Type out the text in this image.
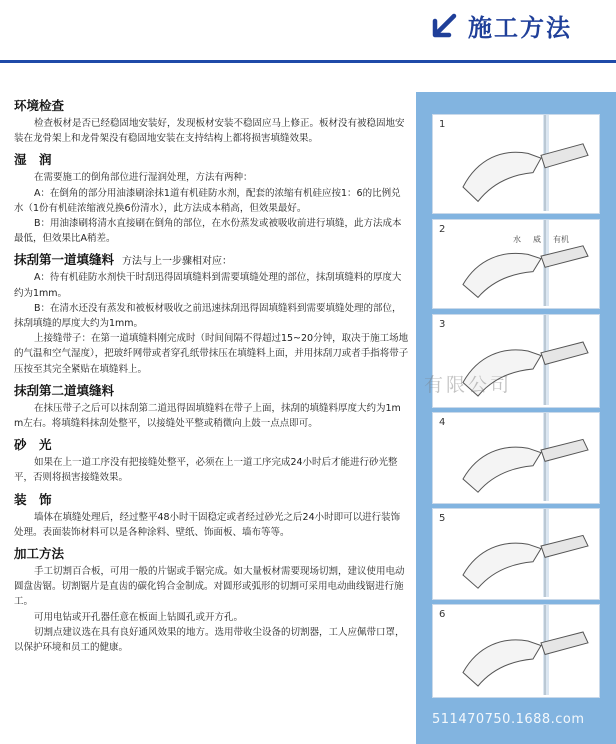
施工方法
环境检查

检查板材是否已经稳固地安装好，发现板材安装不稳固应马上修正。板材没有被稳固地安装在龙骨架上和龙骨架没有稳固地安装在支持结构上都将损害填缝效果。

湿　润

在需要施工的倒角部位进行湿润处理，方法有两种：

A：在倒角的部分用油漆刷涂抹1道有机硅防水剂，配套的浓缩有机硅应按1：6的比例兑水（1份有机硅浓缩液兑换6份清水），此方法成本稍高，但效果最好。

B：用油漆刷将清水直接刷在倒角的部位，在水份蒸发或被吸收前进行填缝，此方法成本最低，但效果比A稍差。

抹刮第一道填缝料 方法与上一步骤相对应：

A：待有机硅防水剂快干时刮迅得固填缝料到需要填缝处理的部位，抹刮填缝料的厚度大约为1mm。

B：在清水还没有蒸发和被板材吸收之前迅速抹刮迅得固填缝料到需要填缝处理的部位，抹刮填缝的厚度大约为1mm。

上接缝带子：在第一道填缝料刚完成时（时间间隔不得超过15~20分钟，取决于施工场地的气温和空气湿度），把玻纤网带或者穿孔纸带抹压在填缝料上面，并用抹刮刀或者手指将带子压按至其完全紧贴在填缝料上。

抹刮第二道填缝料

在抹压带子之后可以抹刮第二道迅得固填缝料在带子上面，抹刮的填缝料厚度大约为1mm左右。将填缝料抹刮处整平，以接缝处平整或稍微向上鼓一点点即可。

砂　光

如果在上一道工序没有把接缝处整平，必须在上一道工序完成24小时后才能进行砂光整平，否则将损害接缝效果。

装　饰

墙体在填缝处理后，经过整平48小时干固稳定或者经过砂光之后24小时即可以进行装饰处理。表面装饰材料可以是各种涂料、壁纸、饰面板、墙布等等。

加工方法

手工切割百合板，可用一般的片锯或手锯完成。如大量板材需要现场切割，建议使用电动圆盘齿锯。切割锯片是直齿的碳化钨合金制成。对圆形或弧形的切割可采用电动曲线锯进行施工。

可用电钻或开孔器任意在板面上钻圆孔或开方孔。

切割点建议选在具有良好通风效果的地方。选用带收尘设备的切割器，工人应佩带口罩，以保护环境和员工的健康。

1
2
水 威 有机
3
4
5
6
有限公司
511470750.1688.com
